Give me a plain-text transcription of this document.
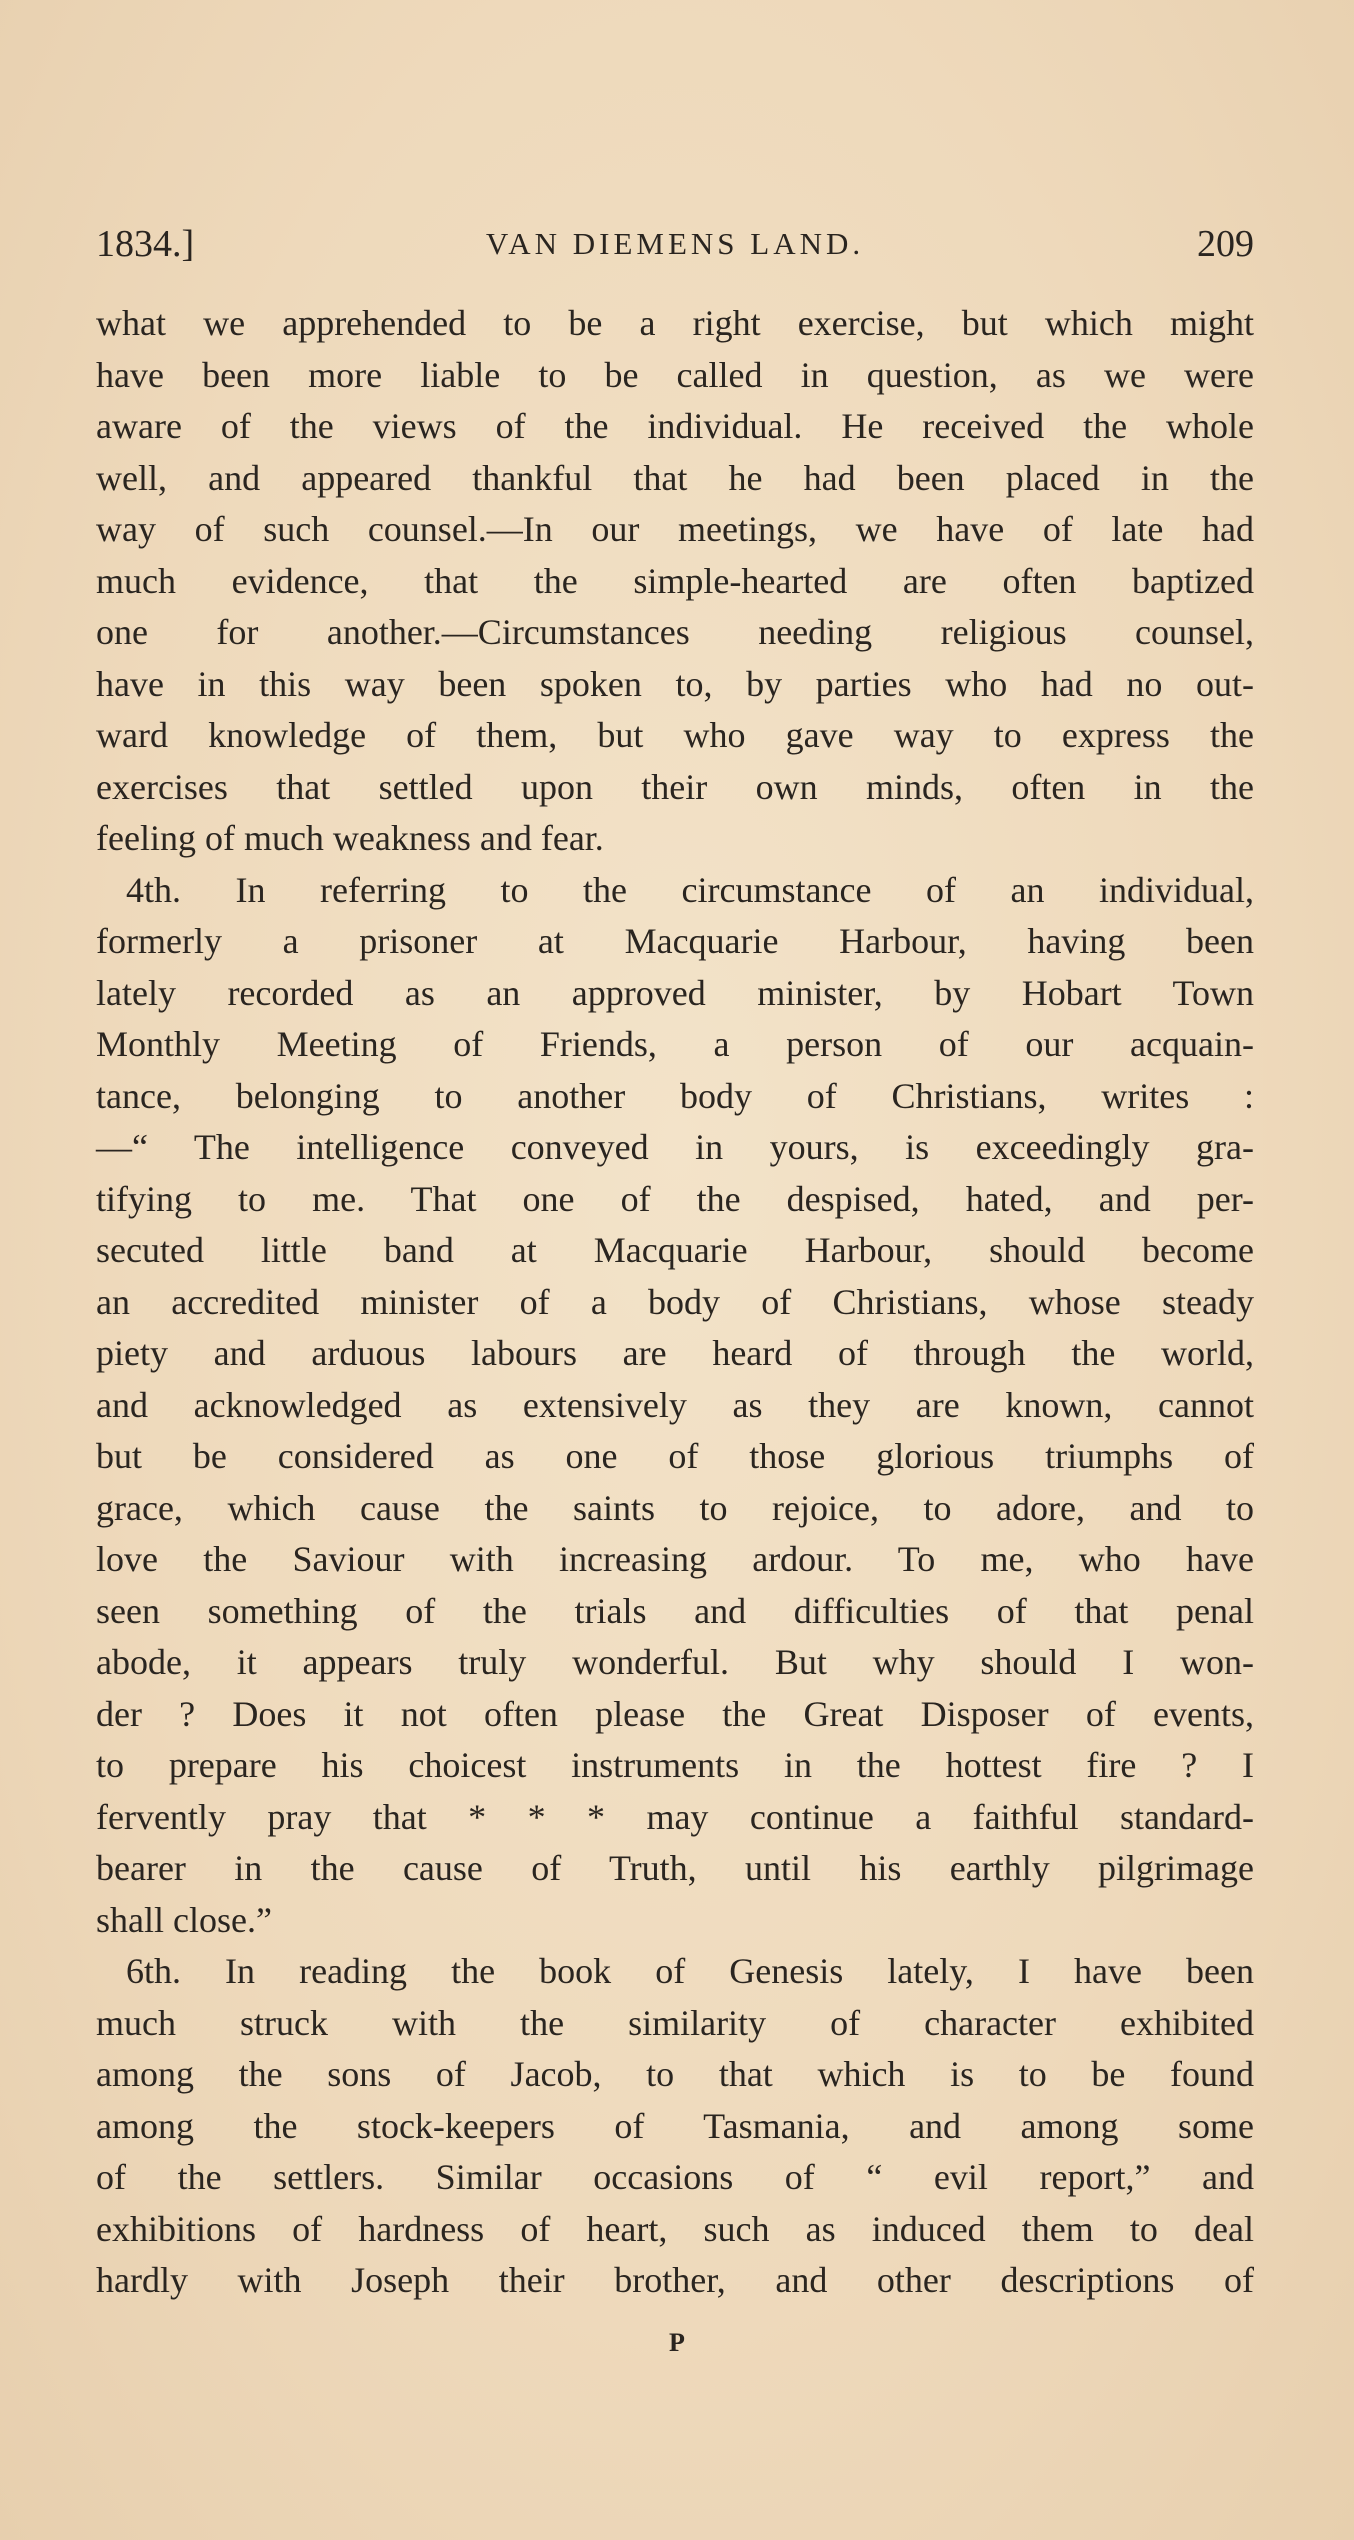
1834.]	VAN DIEMENS LAND.	209
what we apprehended to be a right exercise, but which might
have been more liable to be called in question, as we were
aware of the views of the individual. He received the whole
well, and appeared thankful that he had been placed in the
way of such counsel.—In our meetings, we have of late had
much evidence, that the simple-hearted are often baptized
one for another.—Circumstances needing religious counsel,
have in this way been spoken to, by parties who had no out-
ward knowledge of them, but who gave way to express the
exercises that settled upon their own minds, often in the
feeling of much weakness and fear.
4th. In referring to the circumstance of an individual,
formerly a prisoner at Macquarie Harbour, having been
lately recorded as an approved minister, by Hobart Town
Monthly Meeting of Friends, a person of our acquain-
tance, belonging to another body of Christians, writes :
—“ The intelligence conveyed in yours, is exceedingly gra-
tifying to me. That one of the despised, hated, and per-
secuted little band at Macquarie Harbour, should become
an accredited minister of a body of Christians, whose steady
piety and arduous labours are heard of through the world,
and acknowledged as extensively as they are known, cannot
but be considered as one of those glorious triumphs of
grace, which cause the saints to rejoice, to adore, and to
love the Saviour with increasing ardour. To me, who have
seen something of the trials and difficulties of that penal
abode, it appears truly wonderful. But why should I won-
der ? Does it not often please the Great Disposer of events,
to prepare his choicest instruments in the hottest fire ? I
fervently pray that * * * may continue a faithful standard-
bearer in the cause of Truth, until his earthly pilgrimage
shall close.”
6th. In reading the book of Genesis lately, I have been
much struck with the similarity of character exhibited
among the sons of Jacob, to that which is to be found
among the stock-keepers of Tasmania, and among some
of the settlers. Similar occasions of “ evil report,” and
exhibitions of hardness of heart, such as induced them to deal
hardly with Joseph their brother, and other descriptions of
P
